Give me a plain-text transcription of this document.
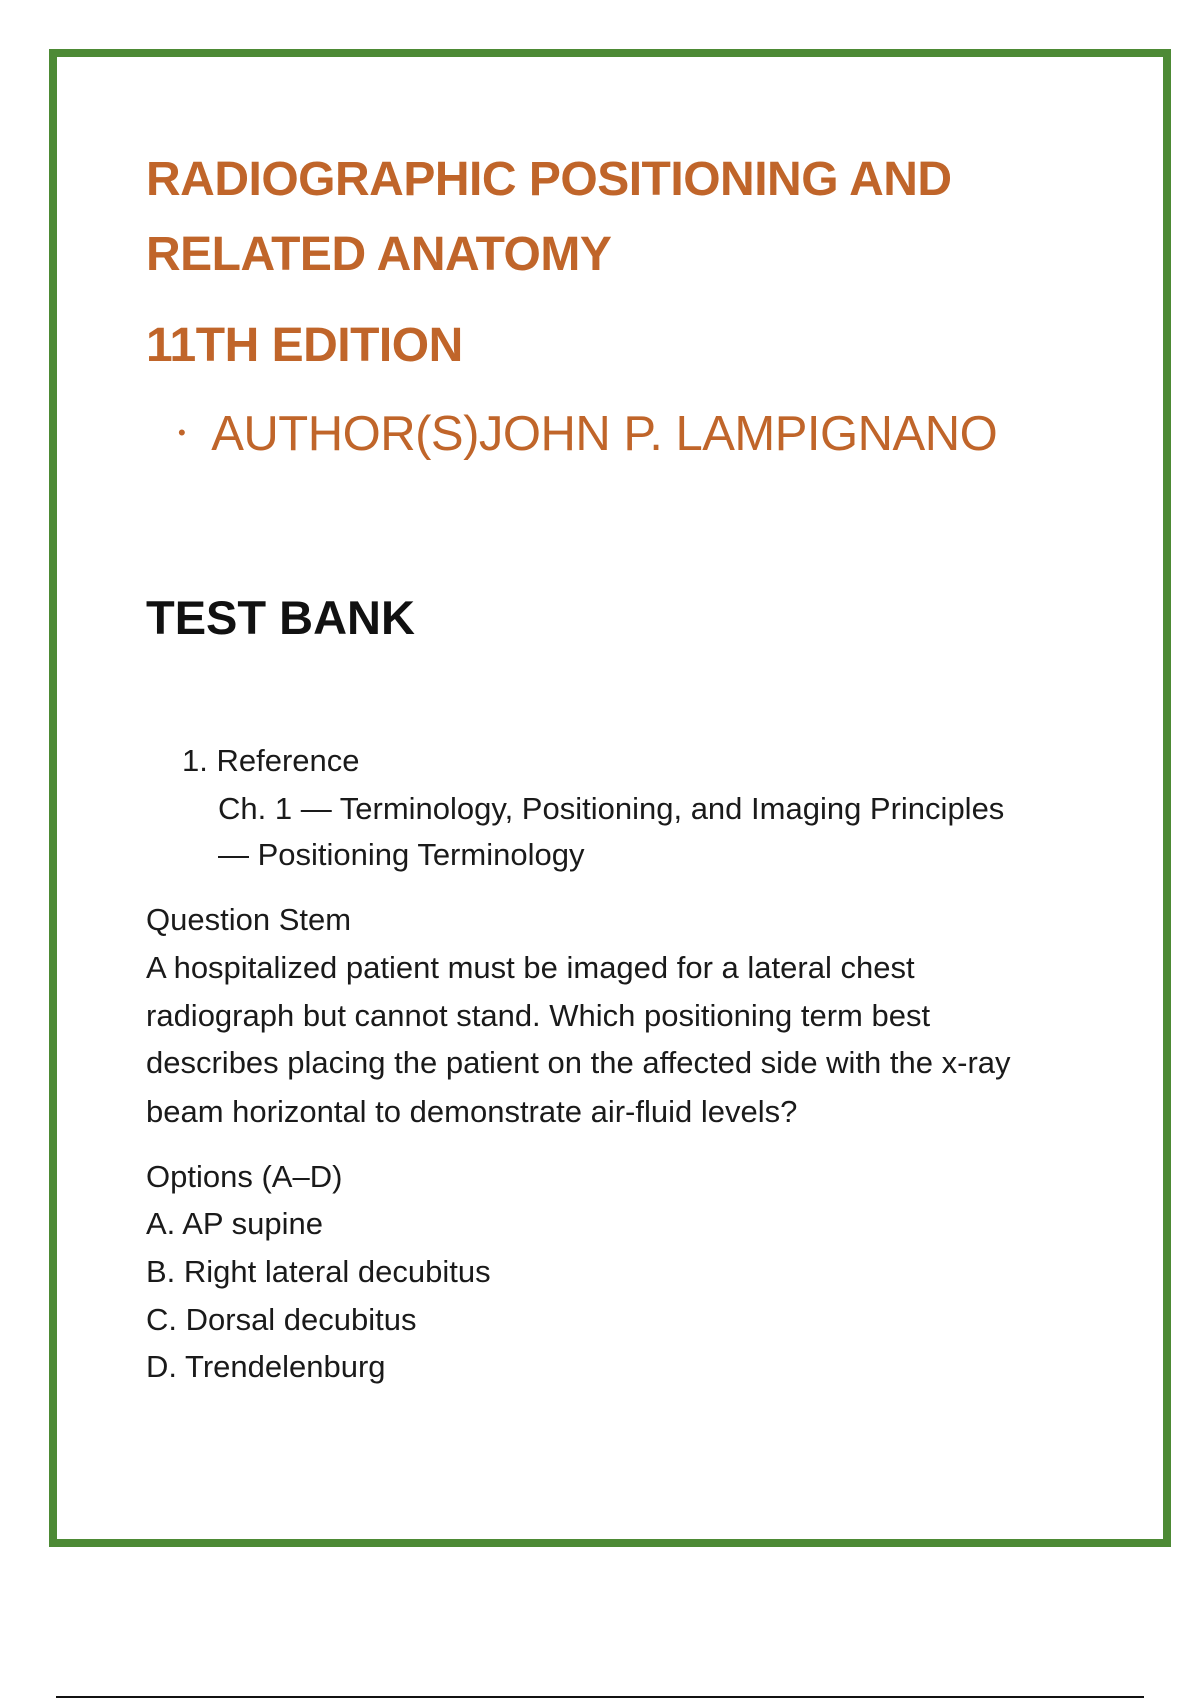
RADIOGRAPHIC POSITIONING AND
RELATED ANATOMY
11TH EDITION
• AUTHOR(S)JOHN P. LAMPIGNANO
TEST BANK
1. Reference
Ch. 1 — Terminology, Positioning, and Imaging Principles
— Positioning Terminology
Question Stem
A hospitalized patient must be imaged for a lateral chest
radiograph but cannot stand. Which positioning term best
describes placing the patient on the affected side with the x-ray
beam horizontal to demonstrate air-fluid levels?
Options (A–D)
A. AP supine
B. Right lateral decubitus
C. Dorsal decubitus
D. Trendelenburg
